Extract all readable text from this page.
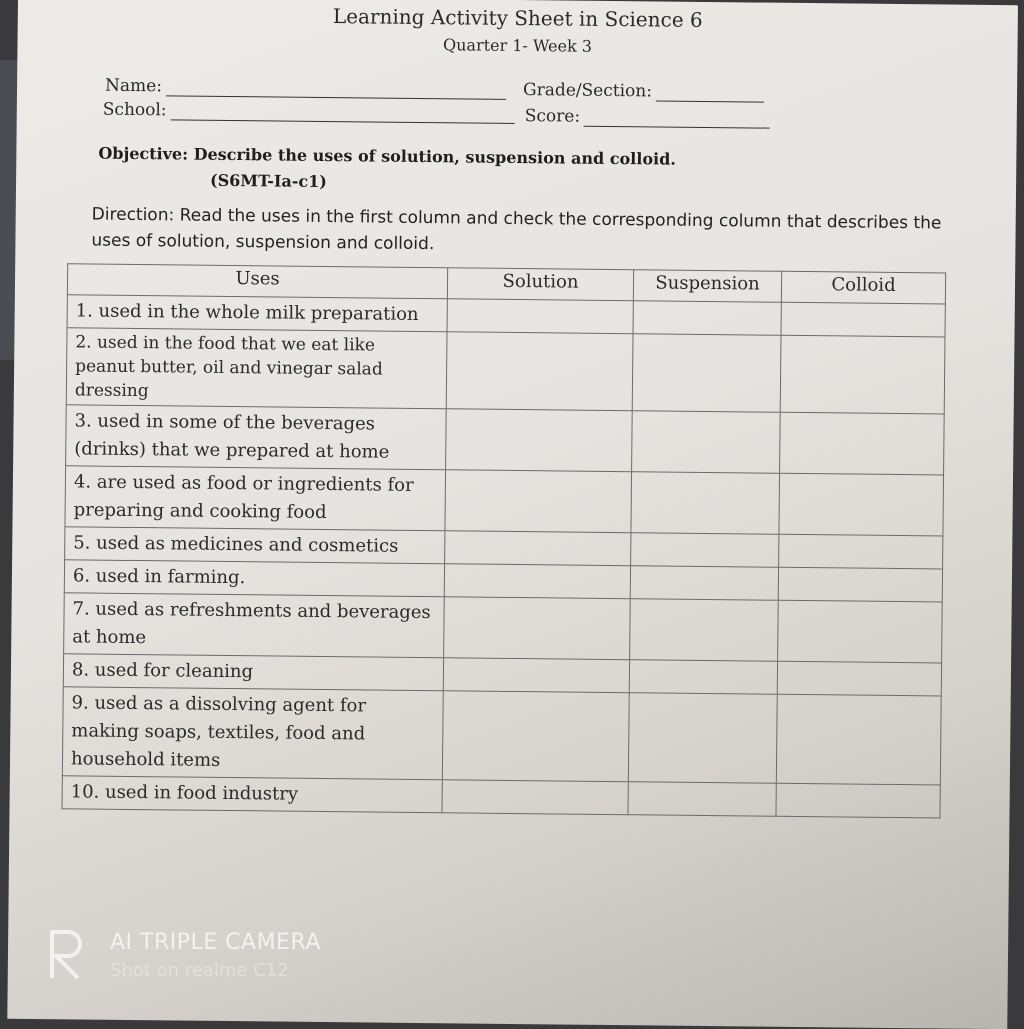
Learning Activity Sheet in Science 6
Quarter 1- Week 3
Name:	Grade/Section:
School:	Score:
Objective: Describe the uses of solution, suspension and colloid.
(S6MT-Ia-c1)
Direction: Read the uses in the first column and check the corresponding column that describes the uses of solution, suspension and colloid.
Uses	Solution	Suspension	Colloid
1. used in the whole milk preparation			
2. used in the food that we eat like peanut butter, oil and vinegar salad dressing			
3. used in some of the beverages (drinks) that we prepared at home			
4. are used as food or ingredients for preparing and cooking food			
5. used as medicines and cosmetics			
6. used in farming.			
7. used as refreshments and beverages at home			
8. used for cleaning			
9. used as a dissolving agent for making soaps, textiles, food and household items			
10. used in food industry			
AI TRIPLE CAMERA
Shot on realme C12
